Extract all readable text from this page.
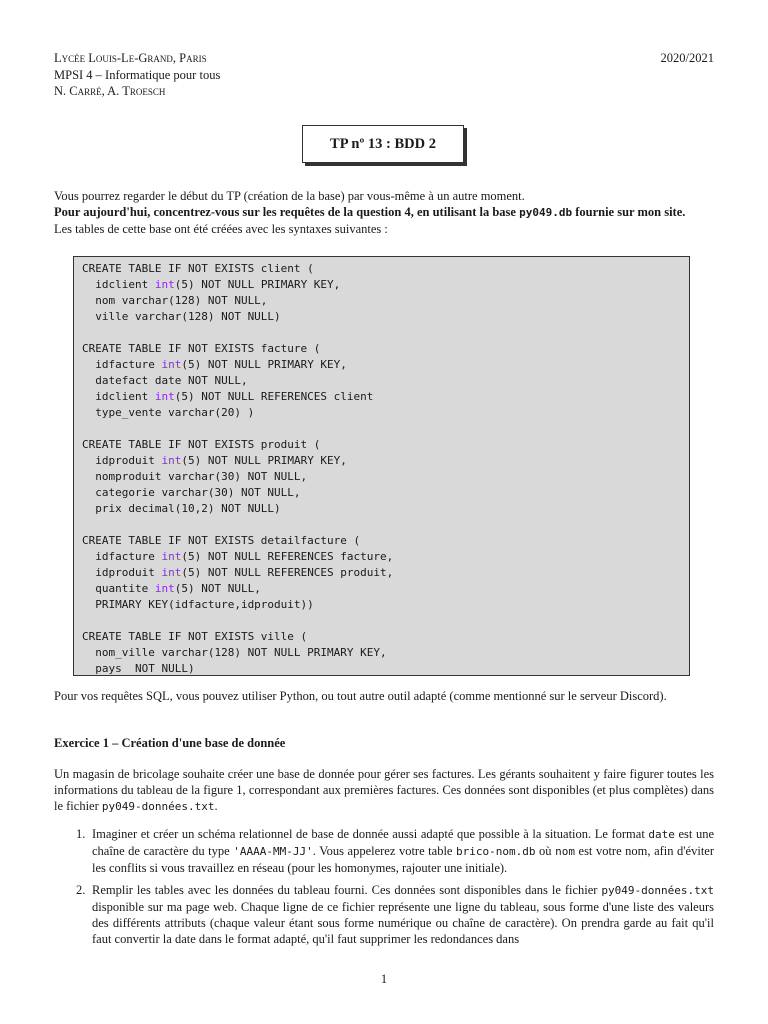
Lycée Louis-Le-Grand, Paris
MPSI 4 – Informatique pour tous
N. Carré, A. Troesch
2020/2021
TP nº 13 : BDD 2

Vous pourrez regarder le début du TP (création de la base) par vous-même à un autre moment.

Pour aujourd'hui, concentrez-vous sur les requêtes de la question 4, en utilisant la base py049.db fournie sur mon site.

Les tables de cette base ont été créées avec les syntaxes suivantes :

CREATE TABLE IF NOT EXISTS client (
idclient int(5) NOT NULL PRIMARY KEY,
nom varchar(128) NOT NULL,
ville varchar(128) NOT NULL)
CREATE TABLE IF NOT EXISTS facture (
idfacture int(5) NOT NULL PRIMARY KEY,
datefact date NOT NULL,
idclient int(5) NOT NULL REFERENCES client
type_vente varchar(20) )
CREATE TABLE IF NOT EXISTS produit (
idproduit int(5) NOT NULL PRIMARY KEY,
nomproduit varchar(30) NOT NULL,
categorie varchar(30) NOT NULL,
prix decimal(10,2) NOT NULL)
CREATE TABLE IF NOT EXISTS detailfacture (
idfacture int(5) NOT NULL REFERENCES facture,
idproduit int(5) NOT NULL REFERENCES produit,
quantite int(5) NOT NULL,
PRIMARY KEY(idfacture,idproduit))
CREATE TABLE IF NOT EXISTS ville (
nom_ville varchar(128) NOT NULL PRIMARY KEY,
pays  NOT NULL)

Pour vos requêtes SQL, vous pouvez utiliser Python, ou tout autre outil adapté (comme mentionné sur le serveur Discord).

Exercice 1 – Création d'une base de donnée

Un magasin de bricolage souhaite créer une base de donnée pour gérer ses factures. Les gérants souhaitent y faire figurer toutes les informations du tableau de la figure 1, correspondant aux premières factures. Ces données sont disponibles (et plus complètes) dans le fichier py049-données.txt.

1. Imaginer et créer un schéma relationnel de base de donnée aussi adapté que possible à la situation. Le format date est une chaîne de caractère du type 'AAAA-MM-JJ'. Vous appelerez votre table brico-nom.db où nom est votre nom, afin d'éviter les conflits si vous travaillez en réseau (pour les homonymes, rajouter une initiale).
2. Remplir les tables avec les données du tableau fourni. Ces données sont disponibles dans le fichier py049-données.txt disponible sur ma page web. Chaque ligne de ce fichier représente une ligne du tableau, sous forme d'une liste des valeurs des différents attributs (chaque valeur étant sous forme numérique ou chaîne de caractère). On prendra garde au fait qu'il faut convertir la date dans le format adapté, qu'il faut supprimer les redondances dans
1
